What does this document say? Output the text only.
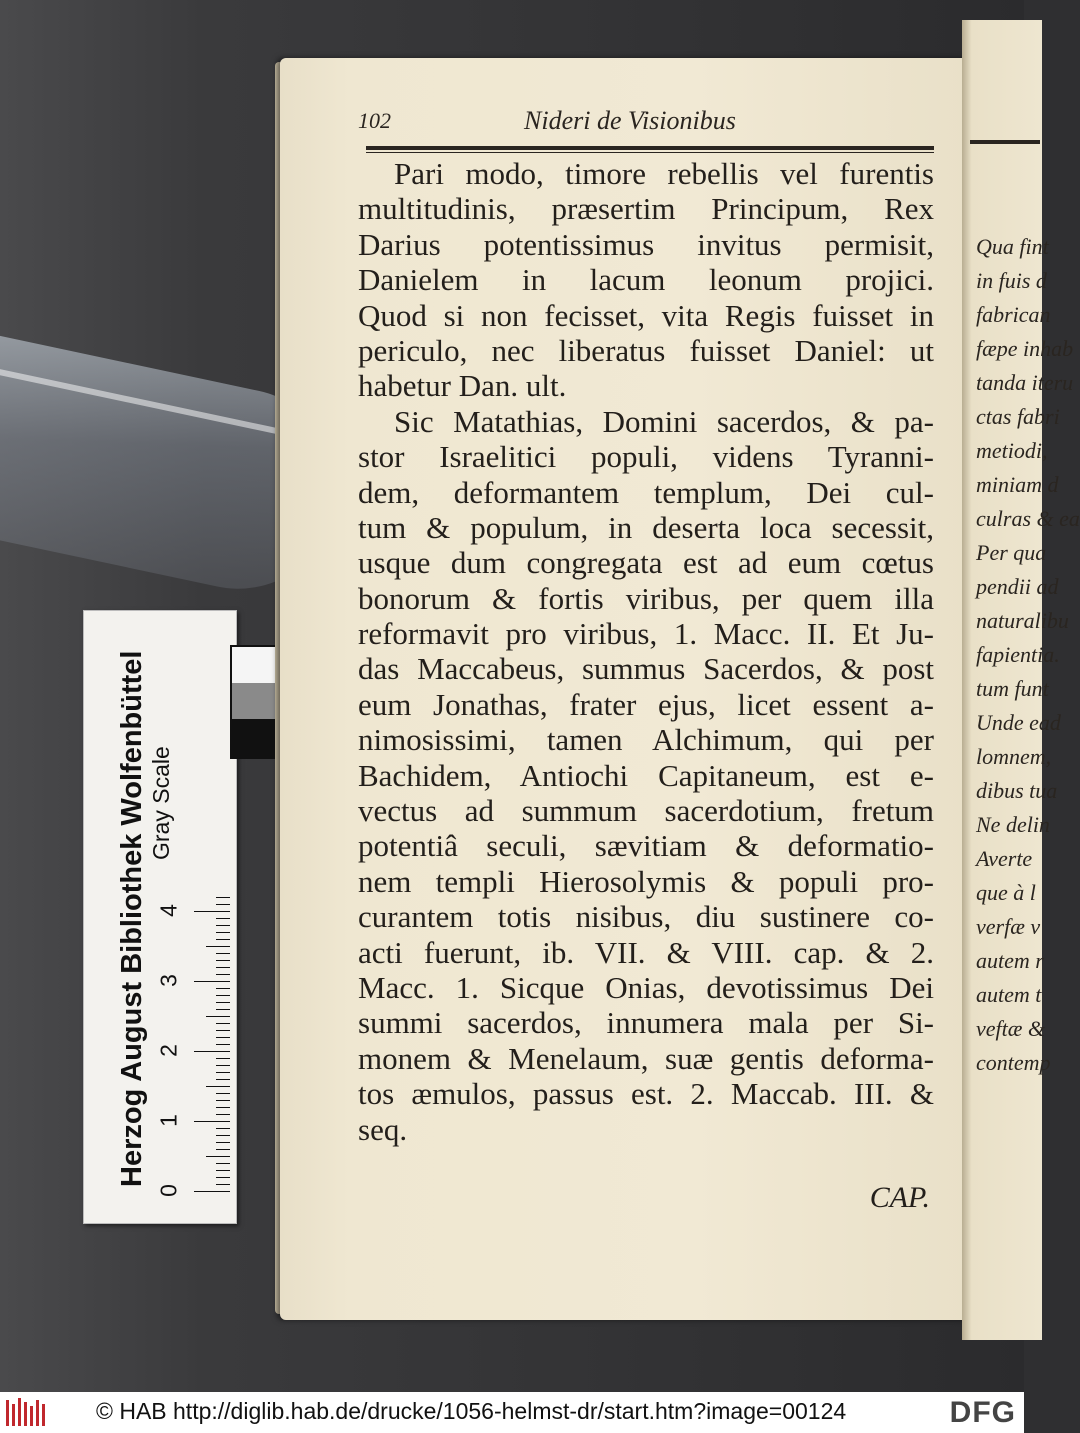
Herzog August Bibliothek Wolfenbüttel
0
1
2
3
4
Gray Scale
102	Nideri de Visionibus
Pari modo, timore rebellis vel furentis
multitudinis, præsertim Principum, Rex
Darius potentissimus invitus permisit,
Danielem in lacum leonum projici.
Quod si non fecisset, vita Regis fuisset in
periculo, nec liberatus fuisset Daniel: ut
habetur Dan. ult.
Sic Matathias, Domini sacerdos, & pa-
stor Israelitici populi, videns Tyranni-
dem, deformantem templum, Dei cul-
tum & populum, in deserta loca secessit,
usque dum congregata est ad eum cœtus
bonorum & fortis viribus, per quem illa
reformavit pro viribus, 1. Macc. II. Et Ju-
das Maccabeus, summus Sacerdos, & post
eum Jonathas, frater ejus, licet essent a-
nimosissimi, tamen Alchimum, qui per
Bachidem, Antiochi Capitaneum, est e-
vectus ad summum sacerdotium, fretum
potentiâ seculi, sævitiam & deformatio-
nem templi Hierosolymis & populi pro-
curantem totis nisibus, diu sustinere co-
acti fuerunt, ib. VII. & VIII. cap. & 2.
Macc. 1. Sicque Onias, devotissimus Dei
summi sacerdos, innumera mala per Si-
monem & Menelaum, suæ gentis deforma-
tos æmulos, passus est. 2. Maccab. III. &
seq.
CAP.
Qua fint
in fuis d
fabrican
fæpe inhab
tanda iteru
ctas fabri
metiodi,
miniam d
culras & ea
Per qua
pendii ad
naturalibu
fapientia.
tum funt
Unde ead
lomnem,
dibus tua
Ne delin
Averte
que à l
verfæ v
autem r
autem t
veftæ &
contemp
© HAB http://diglib.hab.de/drucke/1056-helmst-dr/start.htm?image=00124	DFG
